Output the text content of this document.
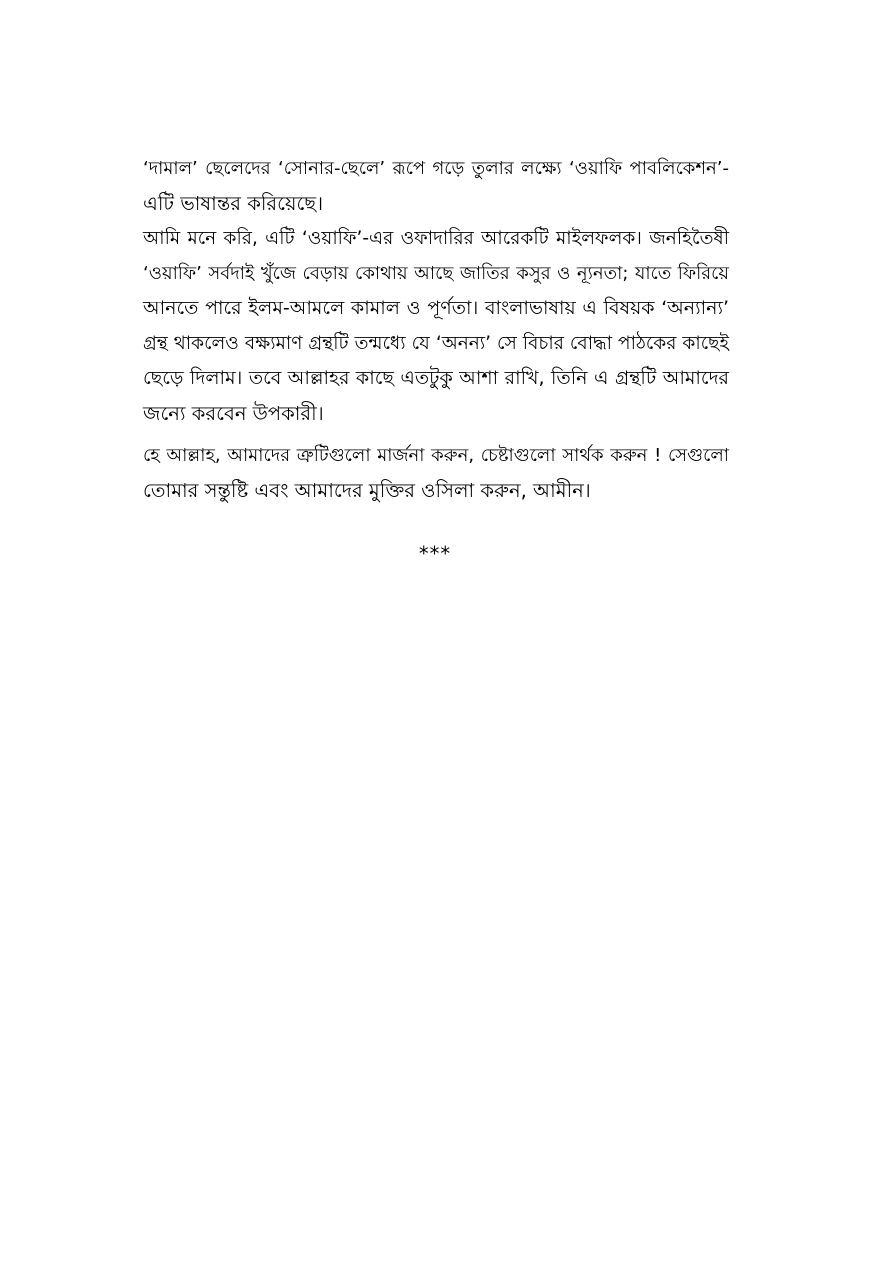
‘দামাল’ ছেলেদের ‘সোনার-ছেলে’ রূপে গড়ে তুলার লক্ষ্যে ‘ওয়াফি পাবলিকেশন’-
এটি ভাষান্তর করিয়েছে।
আমি মনে করি, এটি ‘ওয়াফি’-এর ওফাদারির আরেকটি মাইলফলক। জনহিতৈষী
‘ওয়াফি’ সর্বদাই খুঁজে বেড়ায় কোথায় আছে জাতির কসুর ও ন্যূনতা; যাতে ফিরিয়ে
আনতে পারে ইলম-আমলে কামাল ও পূর্ণতা। বাংলাভাষায় এ বিষয়ক ‘অন্যান্য’
গ্রন্থ থাকলেও বক্ষ্যমাণ গ্রন্থটি তন্মধ্যে যে ‘অনন্য’ সে বিচার বোদ্ধা পাঠকের কাছেই
ছেড়ে দিলাম। তবে আল্লাহর কাছে এতটুকু আশা রাখি, তিনি এ গ্রন্থটি আমাদের
জন্যে করবেন উপকারী।
হে আল্লাহ, আমাদের ত্রুটিগুলো মার্জনা করুন, চেষ্টাগুলো সার্থক করুন ! সেগুলো
তোমার সন্তুষ্টি এবং আমাদের মুক্তির ওসিলা করুন, আমীন।
***
